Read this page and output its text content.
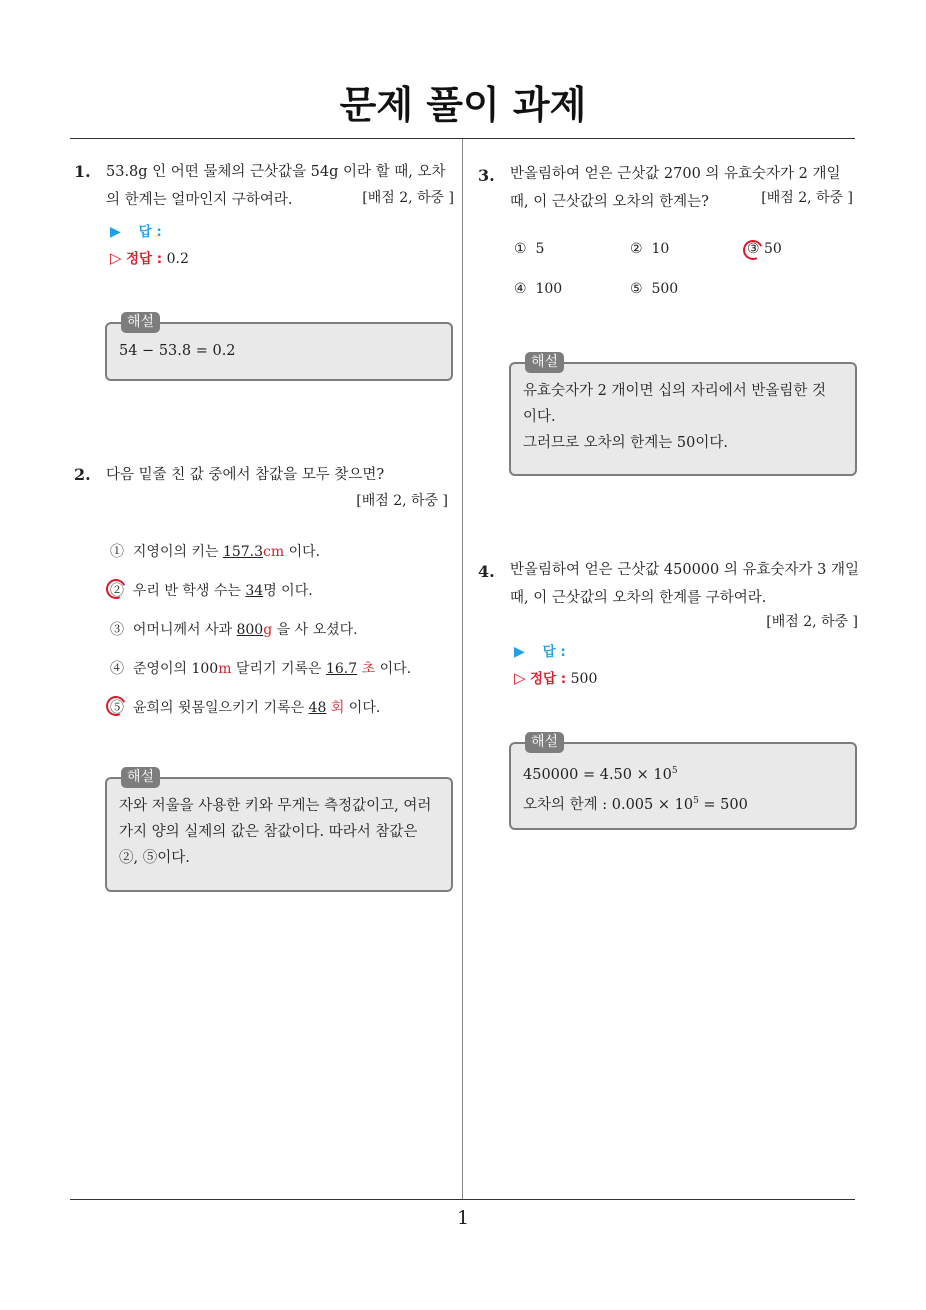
문제 풀이 과제
1. 53.8g 인 어떤 물체의 근삿값을 54g 이라 할 때, 오차의 한계는 얼마인지 구하여라.	[배점 2, 하중 ]
▶ 답 :
▷ 정답 : 0.2
해설
54 − 53.8 = 0.2
2. 다음 밑줄 친 값 중에서 참값을 모두 찾으면?
[배점 2, 하중 ]
① 지영이의 키는 157.3cm 이다.
② 우리 반 학생 수는 34명 이다.
③ 어머니께서 사과 800g 을 사 오셨다.
④ 준영이의 100m 달리기 기록은 16.7 초 이다.
⑤ 윤희의 윗몸일으키기 기록은 48 회 이다.
해설
자와 저울을 사용한 키와 무게는 측정값이고, 여러
가지 양의 실제의 값은 참값이다. 따라서 참값은
②, ⑤이다.
3. 반올림하여 얻은 근삿값 2700 의 유효숫자가 2 개일 때, 이 근삿값의 오차의 한계는?	[배점 2, 하중 ]
① 5	② 10	③ 50
④ 100	⑤ 500
해설
유효숫자가 2 개이면 십의 자리에서 반올림한 것
이다.
그러므로 오차의 한계는 50이다.
4. 반올림하여 얻은 근삿값 450000 의 유효숫자가 3 개일 때, 이 근삿값의 오차의 한계를 구하여라.
[배점 2, 하중 ]
▶ 답 :
▷ 정답 : 500
해설
$450000 = 4.50 \times 10^5$
오차의 한계 : $0.005 \times 10^5 = 500$
1
